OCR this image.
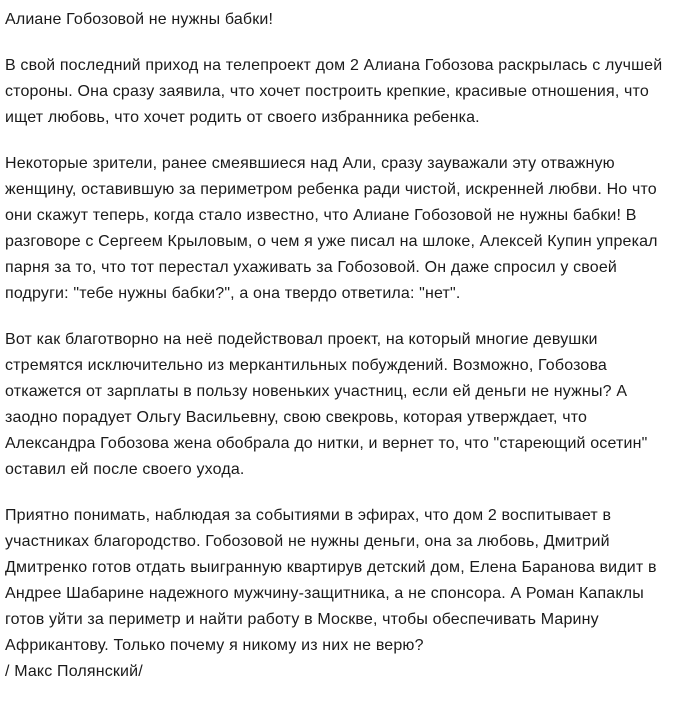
Алиане Гобозовой не нужны бабки!

В свой последний приход на телепроект дом 2 Алиана Гобозова раскрылась с лучшей стороны. Она сразу заявила, что хочет построить крепкие, красивые отношения, что ищет любовь, что хочет родить от своего избранника ребенка.

Некоторые зрители, ранее смеявшиеся над Али, сразу зауважали эту отважную женщину, оставившую за периметром ребенка ради чистой, искренней любви. Но что они скажут теперь, когда стало известно, что Алиане Гобозовой не нужны бабки! В разговоре с Сергеем Крыловым, о чем я уже писал на шлоке, Алексей Купин упрекал парня за то, что тот перестал ухаживать за Гобозовой. Он даже спросил у своей подруги: "тебе нужны бабки?", а она твердо ответила: "нет".

Вот как благотворно на неё подействовал проект, на который многие девушки стремятся исключительно из меркантильных побуждений. Возможно, Гобозова откажется от зарплаты в пользу новеньких участниц, если ей деньги не нужны? А заодно порадует Ольгу Васильевну, свою свекровь, которая утверждает, что Александра Гобозова жена обобрала до нитки, и вернет то, что "стареющий осетин" оставил ей после своего ухода.

Приятно понимать, наблюдая за событиями в эфирах, что дом 2 воспитывает в участниках благородство. Гобозовой не нужны деньги, она за любовь, Дмитрий Дмитренко готов отдать выигранную квартирув детский дом, Елена Баранова видит в Андрее Шабарине надежного мужчину-защитника, а не спонсора. А Роман Капаклы готов уйти за периметр и найти работу в Москве, чтобы обеспечивать Марину Африкантову. Только почему я никому из них не верю?

/ Макс Полянский/
